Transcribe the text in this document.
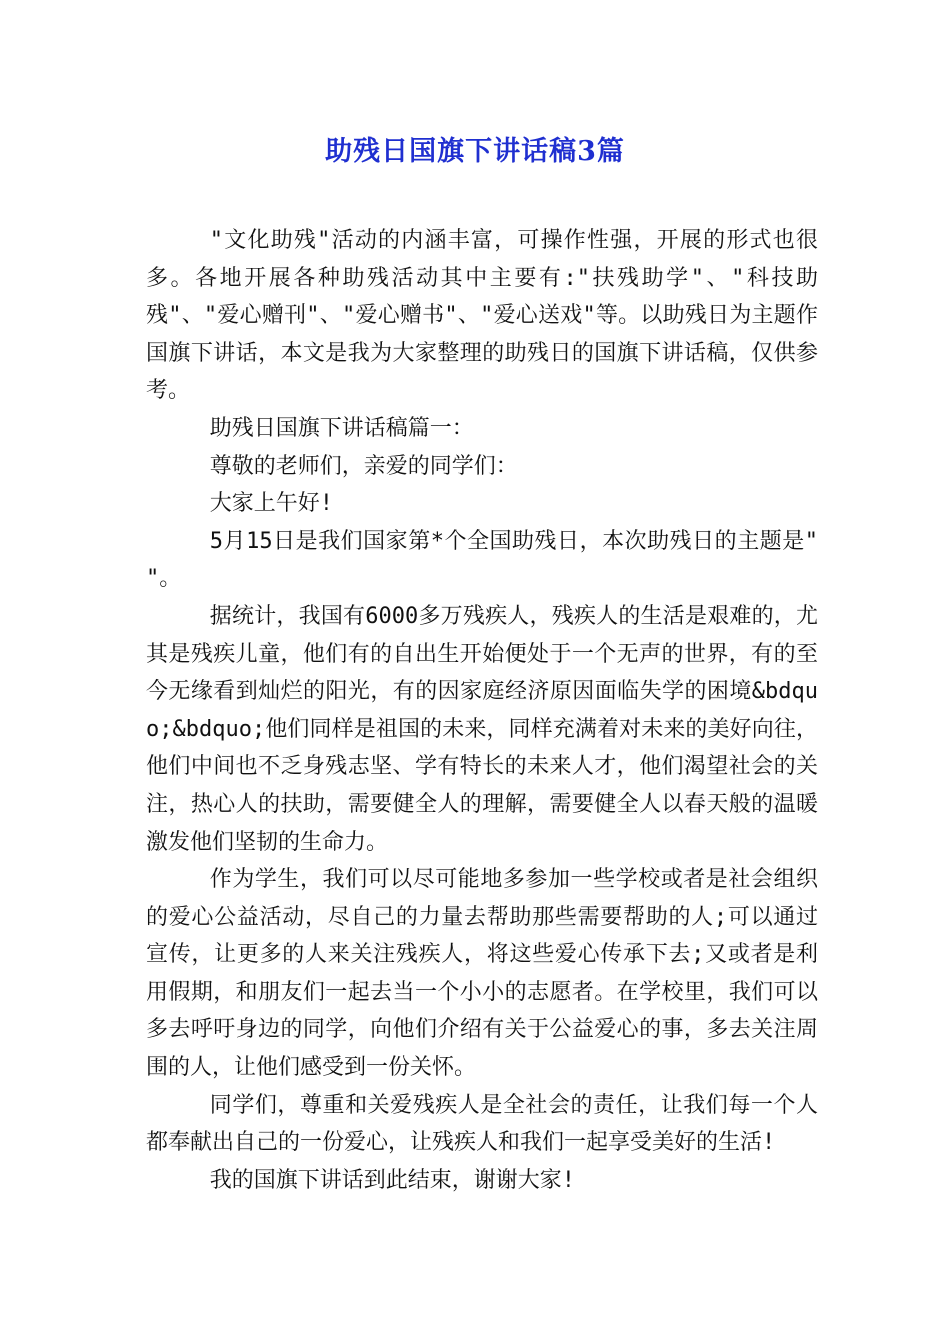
助残日国旗下讲话稿3篇

"文化助残"活动的内涵丰富，可操作性强，开展的形式也很多。各地开展各种助残活动其中主要有:"扶残助学"、"科技助残"、"爱心赠刊"、"爱心赠书"、"爱心送戏"等。以助残日为主题作国旗下讲话，本文是我为大家整理的助残日的国旗下讲话稿，仅供参考。

助残日国旗下讲话稿篇一：

尊敬的老师们，亲爱的同学们：

大家上午好!

5月15日是我们国家第*个全国助残日，本次助残日的主题是" "。

据统计，我国有6000多万残疾人，残疾人的生活是艰难的，尤其是残疾儿童，他们有的自出生开始便处于一个无声的世界，有的至今无缘看到灿烂的阳光，有的因家庭经济原因面临失学的困境&bdquo;&bdquo;他们同样是祖国的未来，同样充满着对未来的美好向往，他们中间也不乏身残志坚、学有特长的未来人才，他们渴望社会的关注，热心人的扶助，需要健全人的理解，需要健全人以春天般的温暖激发他们坚韧的生命力。

作为学生，我们可以尽可能地多参加一些学校或者是社会组织的爱心公益活动，尽自己的力量去帮助那些需要帮助的人;可以通过宣传，让更多的人来关注残疾人，将这些爱心传承下去;又或者是利用假期，和朋友们一起去当一个小小的志愿者。在学校里，我们可以多去呼吁身边的同学，向他们介绍有关于公益爱心的事，多去关注周围的人，让他们感受到一份关怀。

同学们，尊重和关爱残疾人是全社会的责任，让我们每一个人都奉献出自己的一份爱心，让残疾人和我们一起享受美好的生活!

我的国旗下讲话到此结束，谢谢大家!
